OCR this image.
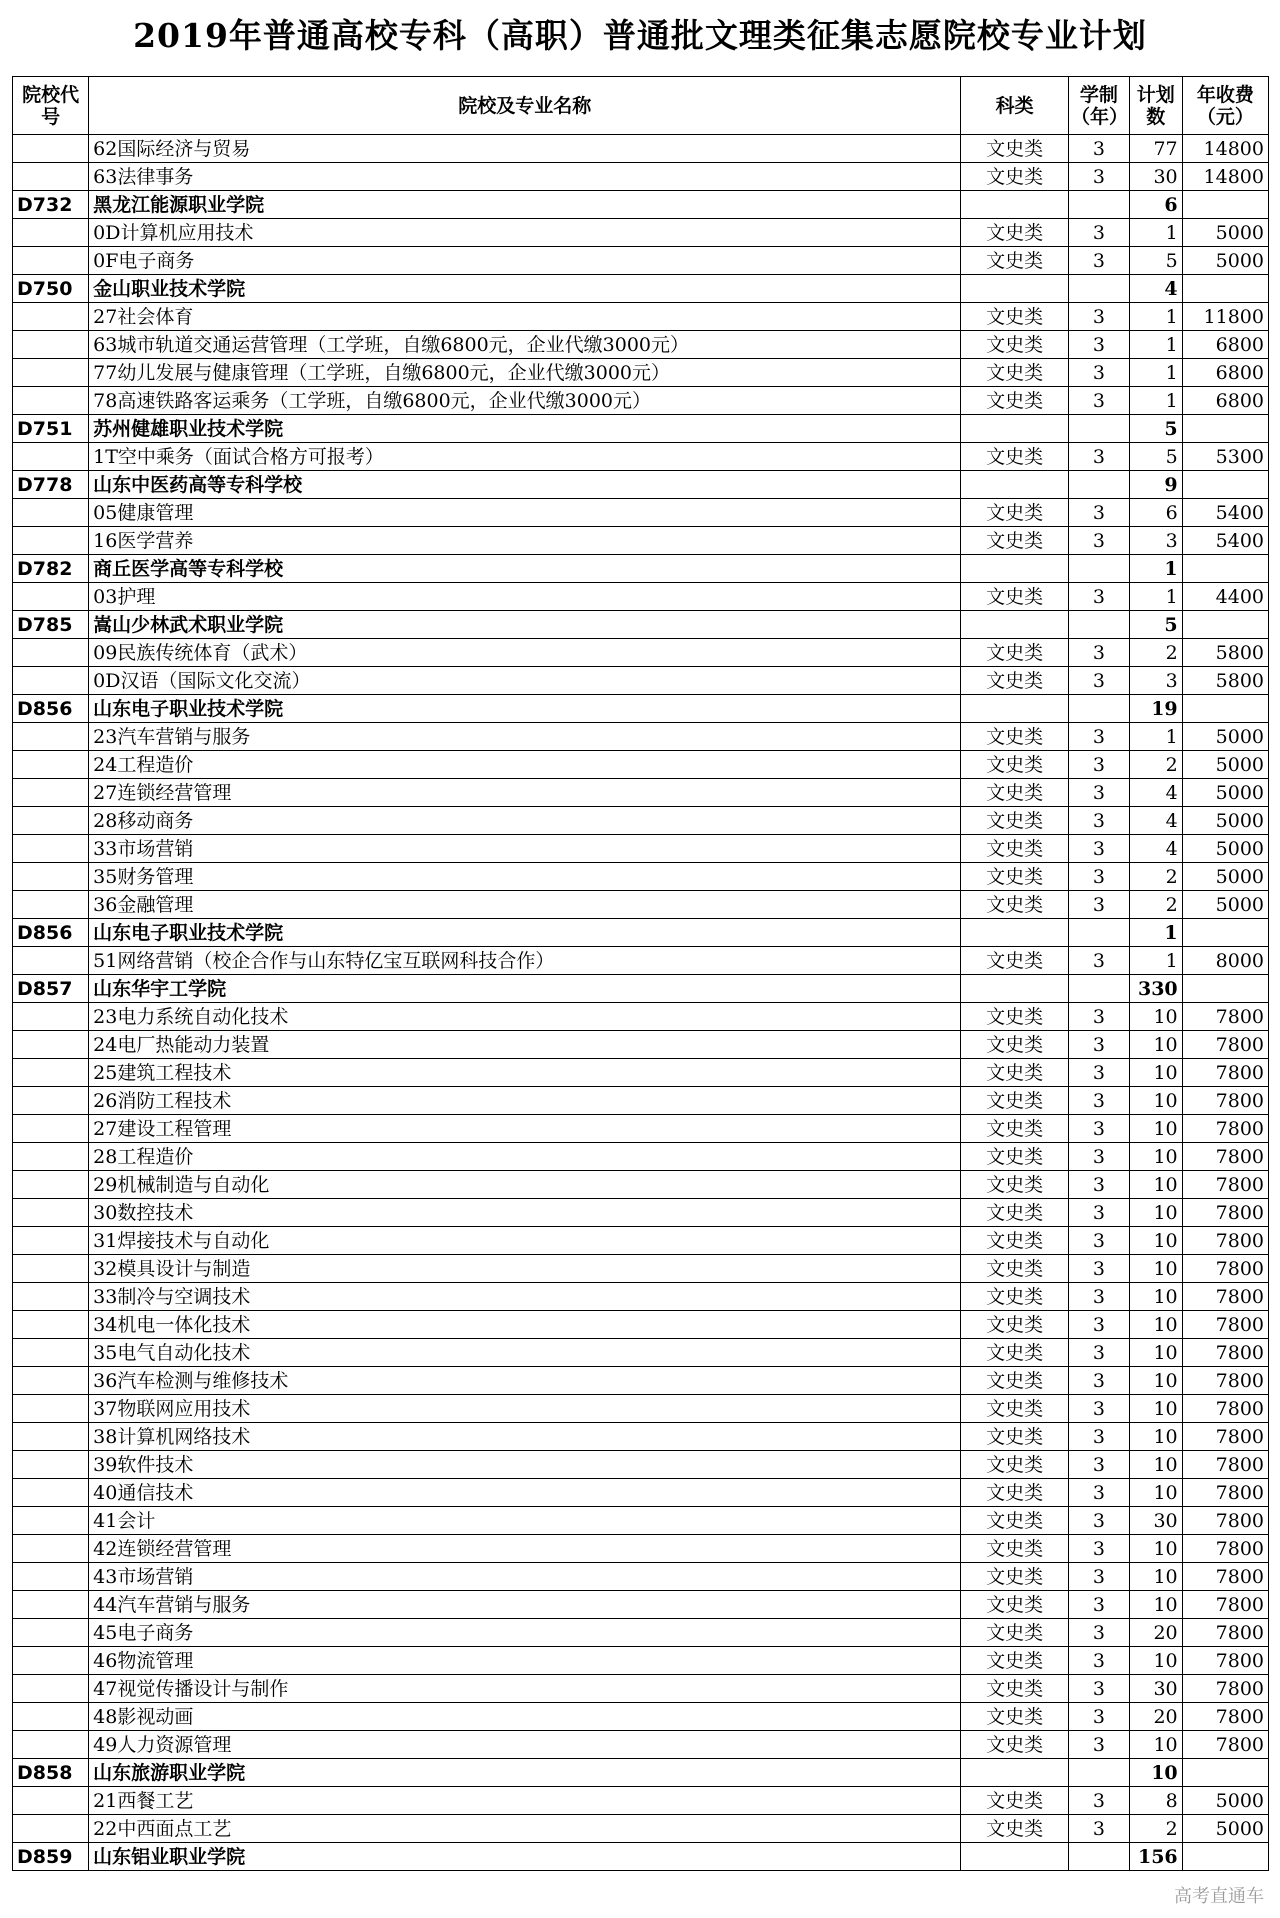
2019年普通高校专科（高职）普通批文理类征集志愿院校专业计划
院校代号	院校及专业名称	科类	学制（年）	计划数	年收费（元）
	62国际经济与贸易	文史类	3	77	14800
	63法律事务	文史类	3	30	14800
D732	黑龙江能源职业学院			6	
	0D计算机应用技术	文史类	3	1	5000
	0F电子商务	文史类	3	5	5000
D750	金山职业技术学院			4	
	27社会体育	文史类	3	1	11800
	63城市轨道交通运营管理（工学班，自缴6800元，企业代缴3000元）	文史类	3	1	6800
	77幼儿发展与健康管理（工学班，自缴6800元，企业代缴3000元）	文史类	3	1	6800
	78高速铁路客运乘务（工学班，自缴6800元，企业代缴3000元）	文史类	3	1	6800
D751	苏州健雄职业技术学院			5	
	1T空中乘务（面试合格方可报考）	文史类	3	5	5300
D778	山东中医药高等专科学校			9	
	05健康管理	文史类	3	6	5400
	16医学营养	文史类	3	3	5400
D782	商丘医学高等专科学校			1	
	03护理	文史类	3	1	4400
D785	嵩山少林武术职业学院			5	
	09民族传统体育（武术）	文史类	3	2	5800
	0D汉语（国际文化交流）	文史类	3	3	5800
D856	山东电子职业技术学院			19	
	23汽车营销与服务	文史类	3	1	5000
	24工程造价	文史类	3	2	5000
	27连锁经营管理	文史类	3	4	5000
	28移动商务	文史类	3	4	5000
	33市场营销	文史类	3	4	5000
	35财务管理	文史类	3	2	5000
	36金融管理	文史类	3	2	5000
D856	山东电子职业技术学院			1	
	51网络营销（校企合作与山东特亿宝互联网科技合作）	文史类	3	1	8000
D857	山东华宇工学院			330	
	23电力系统自动化技术	文史类	3	10	7800
	24电厂热能动力装置	文史类	3	10	7800
	25建筑工程技术	文史类	3	10	7800
	26消防工程技术	文史类	3	10	7800
	27建设工程管理	文史类	3	10	7800
	28工程造价	文史类	3	10	7800
	29机械制造与自动化	文史类	3	10	7800
	30数控技术	文史类	3	10	7800
	31焊接技术与自动化	文史类	3	10	7800
	32模具设计与制造	文史类	3	10	7800
	33制冷与空调技术	文史类	3	10	7800
	34机电一体化技术	文史类	3	10	7800
	35电气自动化技术	文史类	3	10	7800
	36汽车检测与维修技术	文史类	3	10	7800
	37物联网应用技术	文史类	3	10	7800
	38计算机网络技术	文史类	3	10	7800
	39软件技术	文史类	3	10	7800
	40通信技术	文史类	3	10	7800
	41会计	文史类	3	30	7800
	42连锁经营管理	文史类	3	10	7800
	43市场营销	文史类	3	10	7800
	44汽车营销与服务	文史类	3	10	7800
	45电子商务	文史类	3	20	7800
	46物流管理	文史类	3	10	7800
	47视觉传播设计与制作	文史类	3	30	7800
	48影视动画	文史类	3	20	7800
	49人力资源管理	文史类	3	10	7800
D858	山东旅游职业学院			10	
	21西餐工艺	文史类	3	8	5000
	22中西面点工艺	文史类	3	2	5000
D859	山东铝业职业学院			156	
高考直通车
